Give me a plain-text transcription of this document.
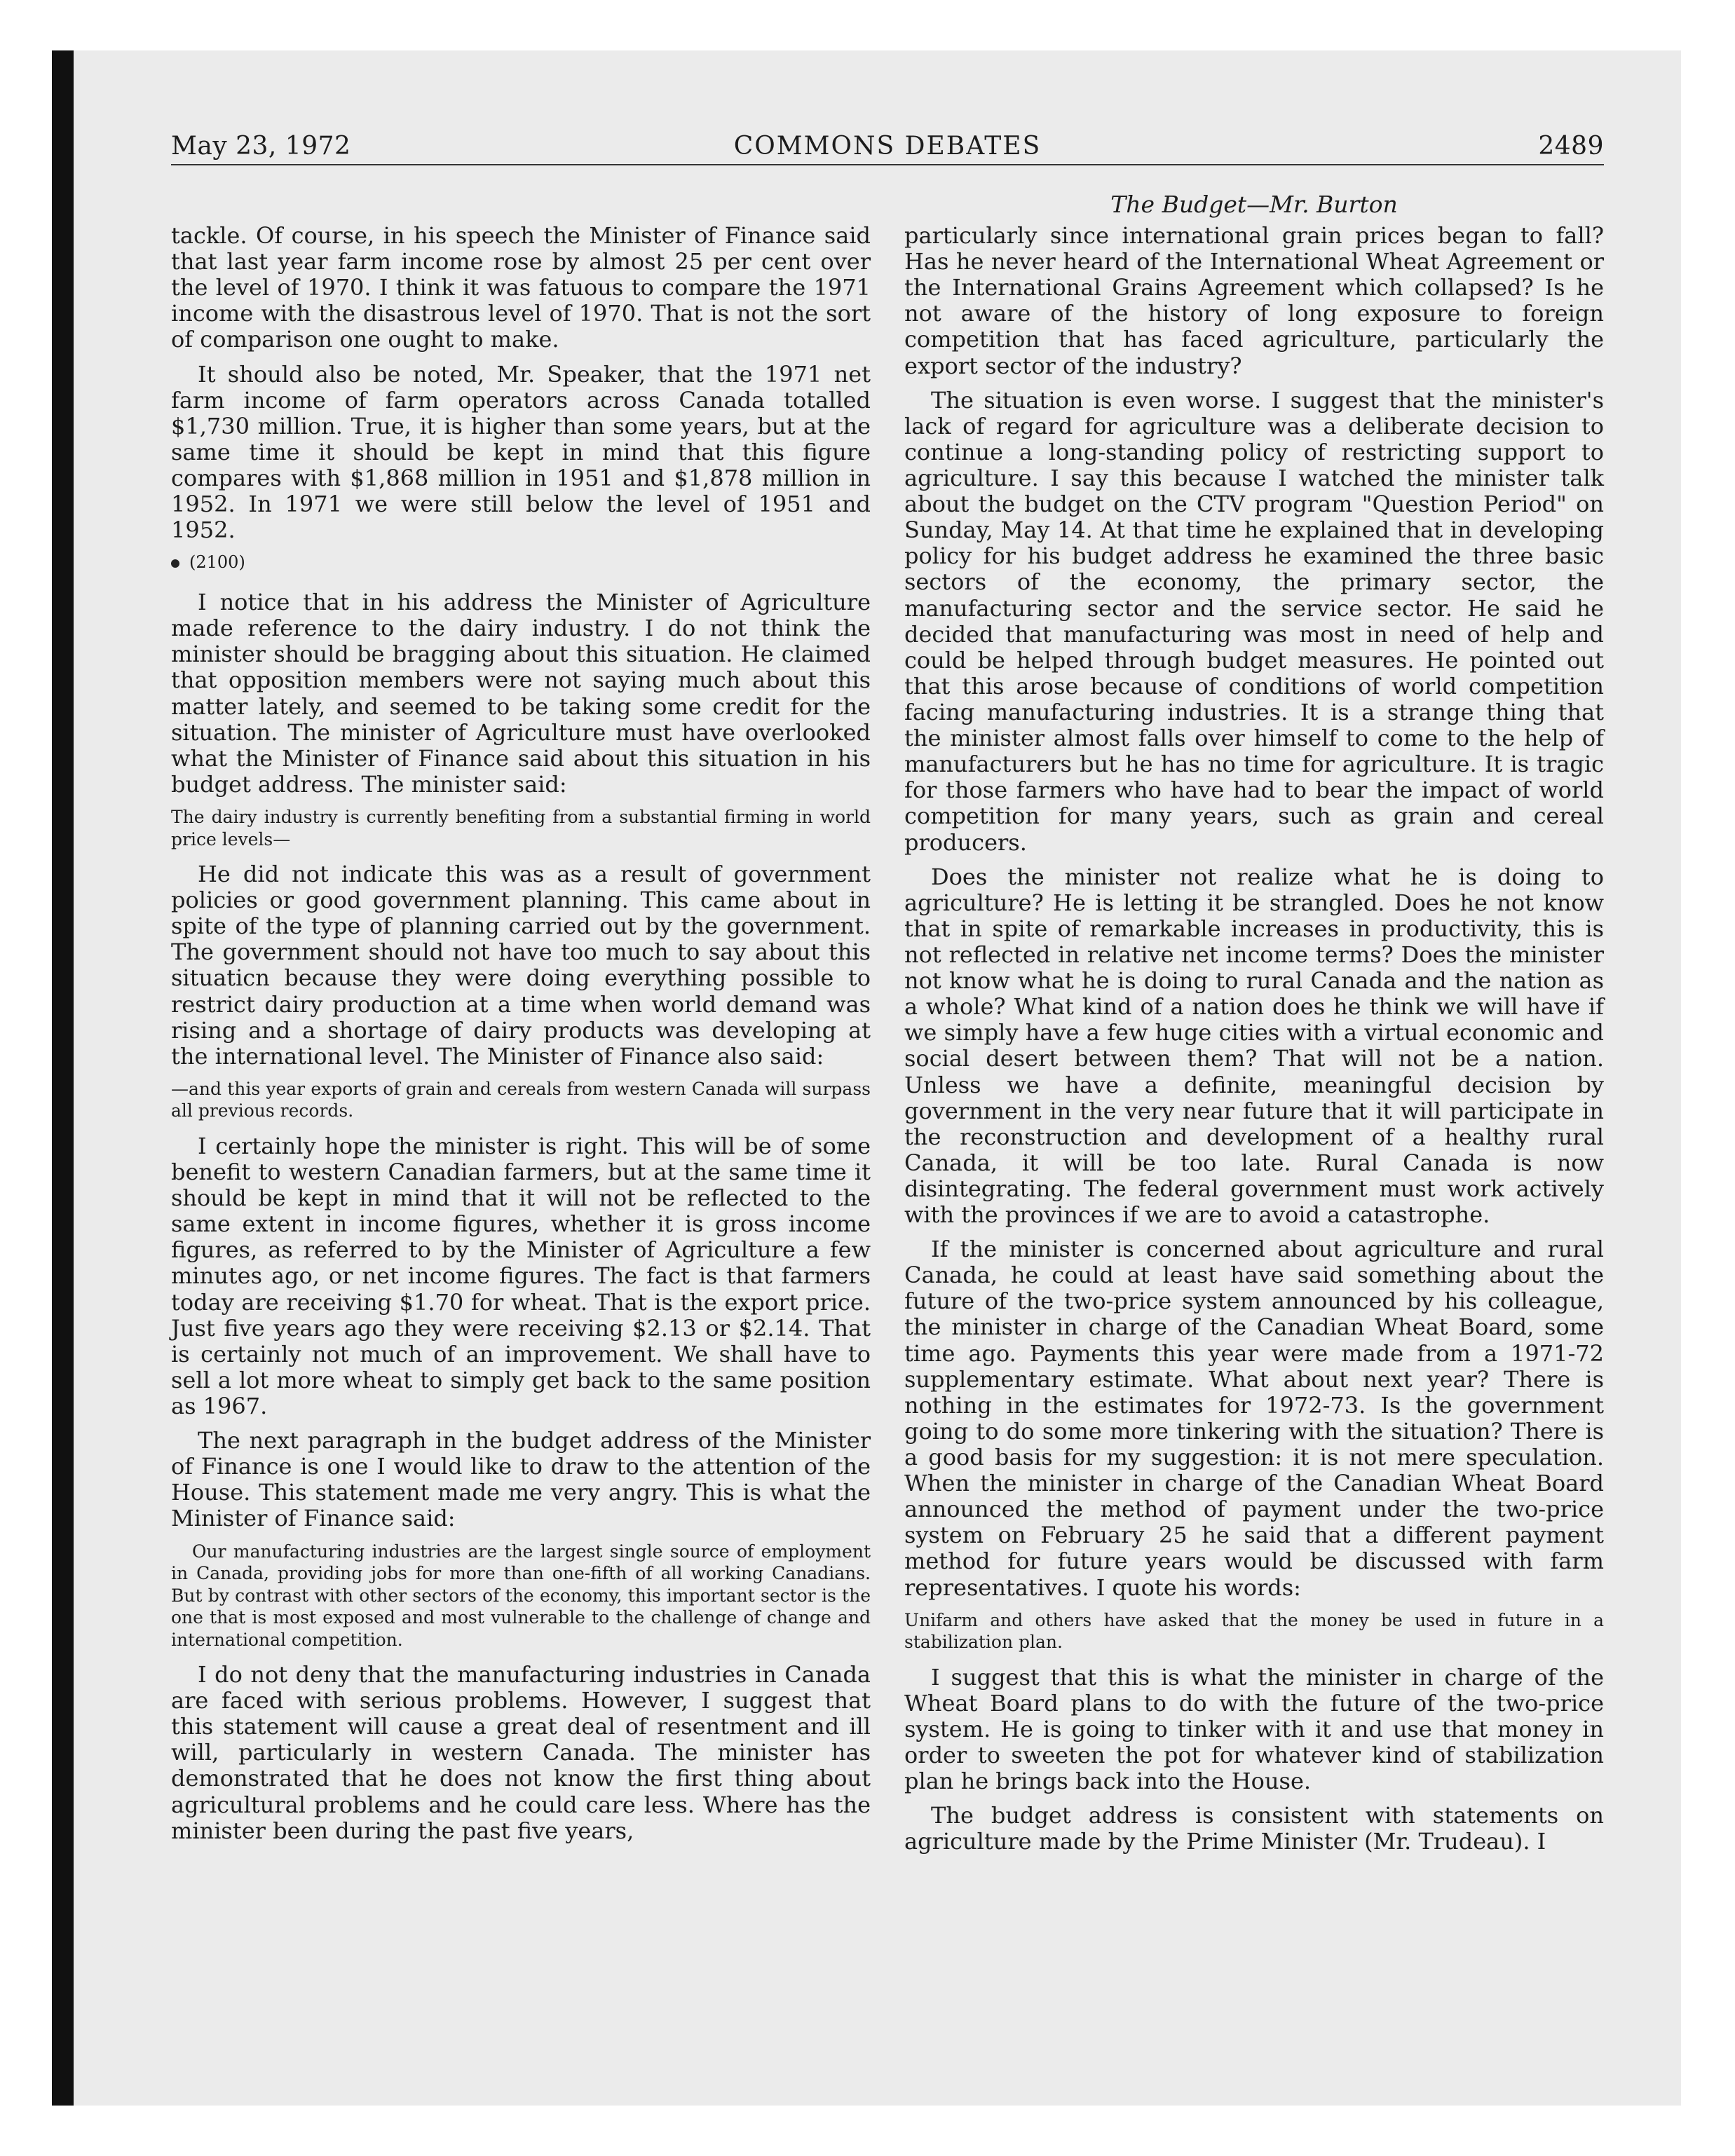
May 23, 1972	COMMONS DEBATES	2489
The Budget—Mr. Burton

tackle. Of course, in his speech the Minister of Finance said that last year farm income rose by almost 25 per cent over the level of 1970. I think it was fatuous to compare the 1971 income with the disastrous level of 1970. That is not the sort of comparison one ought to make.

It should also be noted, Mr. Speaker, that the 1971 net farm income of farm operators across Canada totalled $1,730 million. True, it is higher than some years, but at the same time it should be kept in mind that this figure compares with $1,868 million in 1951 and $1,878 million in 1952. In 1971 we were still below the level of 1951 and 1952.

(2100)

I notice that in his address the Minister of Agriculture made reference to the dairy industry. I do not think the minister should be bragging about this situation. He claimed that opposition members were not saying much about this matter lately, and seemed to be taking some credit for the situation. The minister of Agriculture must have overlooked what the Minister of Finance said about this situation in his budget address. The minister said:

The dairy industry is currently benefiting from a substantial firming in world price levels—

He did not indicate this was as a result of government policies or good government planning. This came about in spite of the type of planning carried out by the government. The government should not have too much to say about this situaticn because they were doing everything possible to restrict dairy production at a time when world demand was rising and a shortage of dairy products was developing at the international level. The Minister of Finance also said:

—and this year exports of grain and cereals from western Canada will surpass all previous records.

I certainly hope the minister is right. This will be of some benefit to western Canadian farmers, but at the same time it should be kept in mind that it will not be reflected to the same extent in income figures, whether it is gross income figures, as referred to by the Minister of Agriculture a few minutes ago, or net income figures. The fact is that farmers today are receiving $1.70 for wheat. That is the export price. Just five years ago they were receiving $2.13 or $2.14. That is certainly not much of an improvement. We shall have to sell a lot more wheat to simply get back to the same position as 1967.

The next paragraph in the budget address of the Minister of Finance is one I would like to draw to the attention of the House. This statement made me very angry. This is what the Minister of Finance said:

Our manufacturing industries are the largest single source of employment in Canada, providing jobs for more than one-fifth of all working Canadians. But by contrast with other sectors of the economy, this important sector is the one that is most exposed and most vulnerable to the challenge of change and international competition.

I do not deny that the manufacturing industries in Canada are faced with serious problems. However, I suggest that this statement will cause a great deal of resentment and ill will, particularly in western Canada. The minister has demonstrated that he does not know the first thing about agricultural problems and he could care less. Where has the minister been during the past five years,

particularly since international grain prices began to fall? Has he never heard of the International Wheat Agreement or the International Grains Agreement which collapsed? Is he not aware of the history of long exposure to foreign competition that has faced agriculture, particularly the export sector of the industry?

The situation is even worse. I suggest that the minister's lack of regard for agriculture was a deliberate decision to continue a long-standing policy of restricting support to agriculture. I say this because I watched the minister talk about the budget on the CTV program "Question Period" on Sunday, May 14. At that time he explained that in developing policy for his budget address he examined the three basic sectors of the economy, the primary sector, the manufacturing sector and the service sector. He said he decided that manufacturing was most in need of help and could be helped through budget measures. He pointed out that this arose because of conditions of world competition facing manufacturing industries. It is a strange thing that the minister almost falls over himself to come to the help of manufacturers but he has no time for agriculture. It is tragic for those farmers who have had to bear the impact of world competition for many years, such as grain and cereal producers.

Does the minister not realize what he is doing to agriculture? He is letting it be strangled. Does he not know that in spite of remarkable increases in productivity, this is not reflected in relative net income terms? Does the minister not know what he is doing to rural Canada and the nation as a whole? What kind of a nation does he think we will have if we simply have a few huge cities with a virtual economic and social desert between them? That will not be a nation. Unless we have a definite, meaningful decision by government in the very near future that it will participate in the reconstruction and development of a healthy rural Canada, it will be too late. Rural Canada is now disintegrating. The federal government must work actively with the provinces if we are to avoid a catastrophe.

If the minister is concerned about agriculture and rural Canada, he could at least have said something about the future of the two-price system announced by his colleague, the minister in charge of the Canadian Wheat Board, some time ago. Payments this year were made from a 1971-72 supplementary estimate. What about next year? There is nothing in the estimates for 1972-73. Is the government going to do some more tinkering with the situation? There is a good basis for my suggestion: it is not mere speculation. When the minister in charge of the Canadian Wheat Board announced the method of payment under the two-price system on February 25 he said that a different payment method for future years would be discussed with farm representatives. I quote his words:

Unifarm and others have asked that the money be used in future in a stabilization plan.

I suggest that this is what the minister in charge of the Wheat Board plans to do with the future of the two-price system. He is going to tinker with it and use that money in order to sweeten the pot for whatever kind of stabilization plan he brings back into the House.

The budget address is consistent with statements on agriculture made by the Prime Minister (Mr. Trudeau). I
